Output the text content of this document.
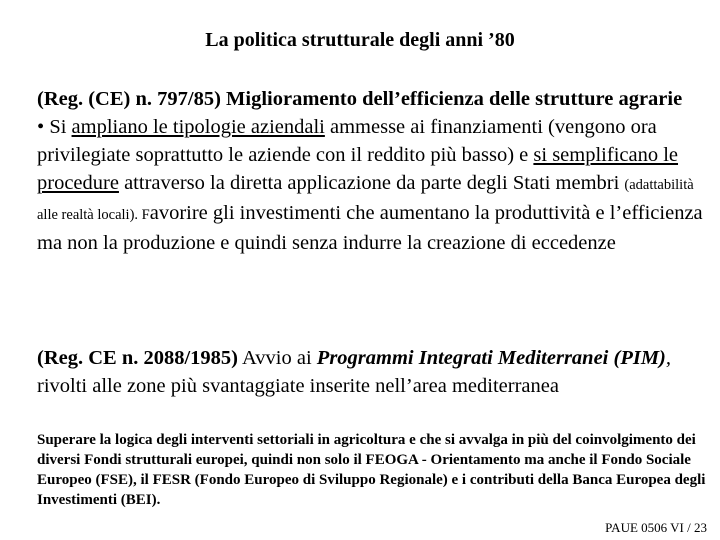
La politica strutturale degli anni ’80
(Reg. (CE) n. 797/85) Miglioramento dell’efficienza delle strutture agrarie
• Si ampliano le tipologie aziendali ammesse ai finanziamenti (vengono ora privilegiate soprattutto le aziende con il reddito più basso) e si semplificano le procedure attraverso la diretta applicazione da parte degli Stati membri (adattabilità alle realtà locali). Favorire gli investimenti che aumentano la produttività e l’efficienza ma non la produzione e quindi senza indurre la creazione di eccedenze
(Reg. CE n. 2088/1985) Avvio ai Programmi Integrati Mediterranei (PIM), rivolti alle zone più svantaggiate inserite nell’area mediterranea
Superare la logica degli interventi settoriali in agricoltura e che si avvalga in più del coinvolgimento dei diversi Fondi strutturali europei, quindi non solo il FEOGA - Orientamento ma anche il Fondo Sociale Europeo (FSE), il FESR (Fondo Europeo di Sviluppo Regionale) e i contributi della Banca Europea degli Investimenti (BEI).
PAUE 0506 VI / 23
